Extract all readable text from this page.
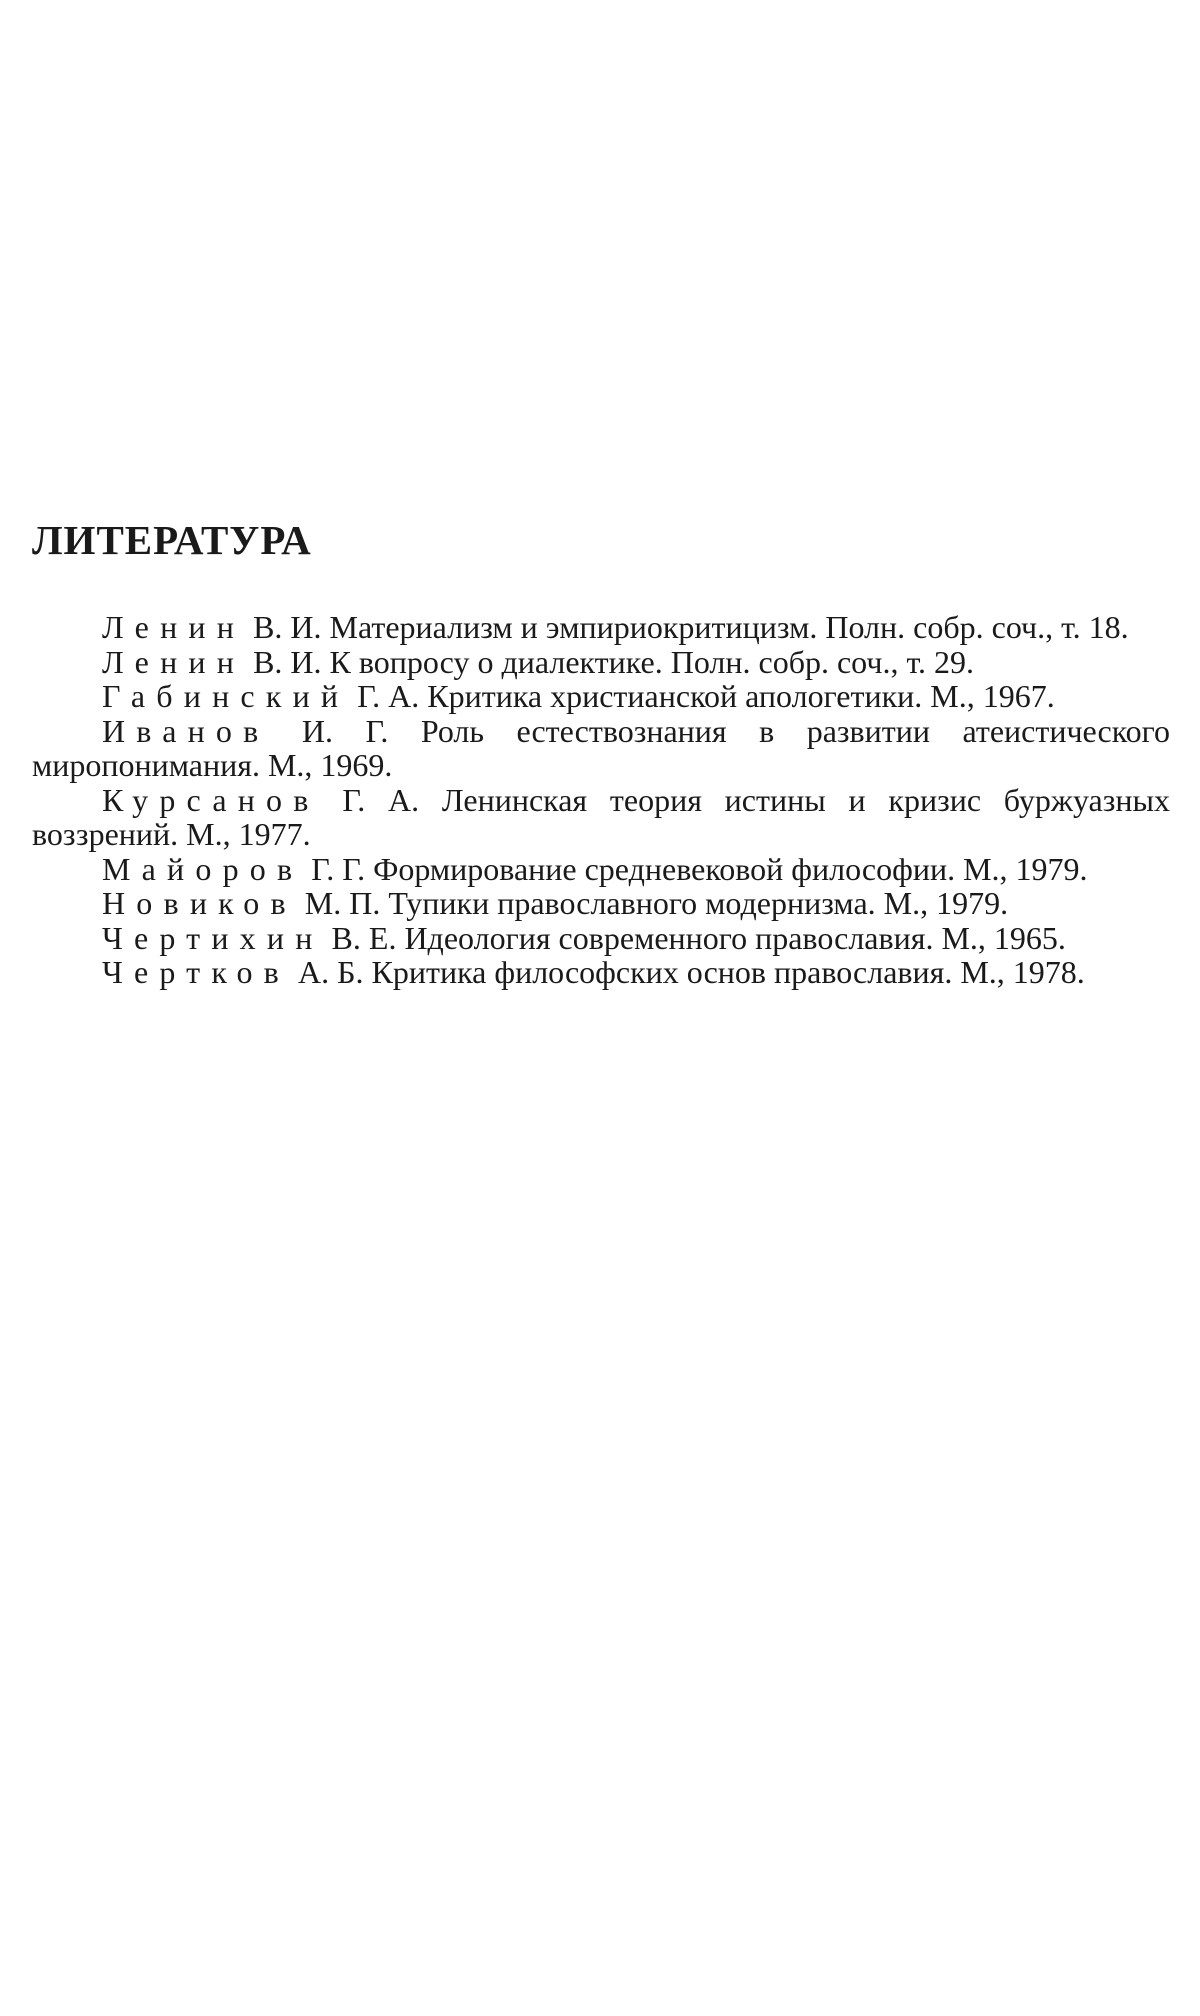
ЛИТЕРАТУРА
Ленин В. И. Материализм и эмпириокритицизм. Полн. собр. соч., т. 18.
Ленин В. И. К вопросу о диалектике. Полн. собр. соч., т. 29.
Габинский Г. А. Критика христианской апологетики. М., 1967.
Иванов И. Г. Роль естествознания в развитии атеистического миропонимания. М., 1969.
Курсанов Г. А. Ленинская теория истины и кризис буржуазных воззрений. М., 1977.
Майоров Г. Г. Формирование средневековой философии. М., 1979.
Новиков М. П. Тупики православного модернизма. М., 1979.
Чертихин В. Е. Идеология современного православия. М., 1965.
Чертков А. Б. Критика философских основ православия. М., 1978.
